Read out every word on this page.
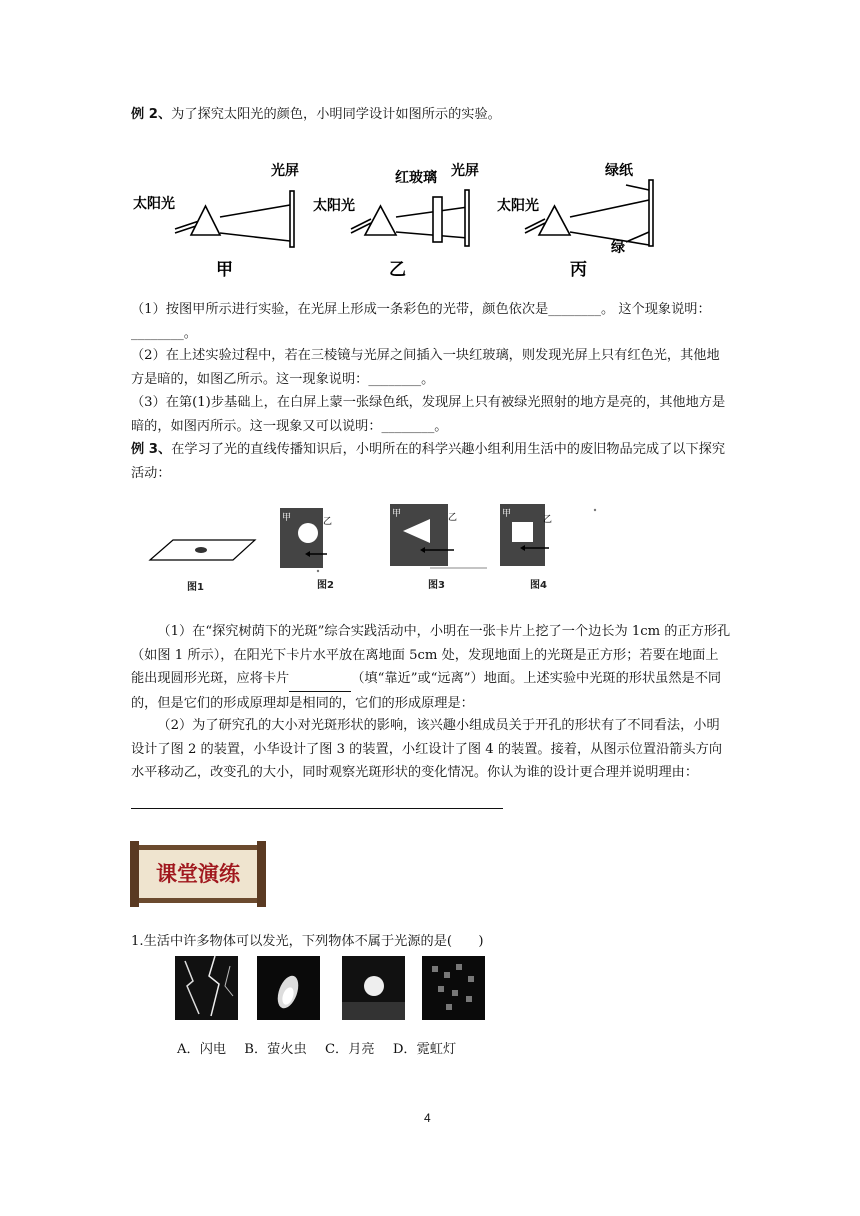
例 2、为了探究太阳光的颜色，小明同学设计如图所示的实验。
太阳光
光屏
太阳光
红玻璃 光屏
太阳光
绿纸
绿
甲	乙	丙
（1）按图甲所示进行实验，在光屏上形成一条彩色的光带，颜色依次是________。 这个现象说明：________。
（2）在上述实验过程中，若在三棱镜与光屏之间插入一块红玻璃，则发现光屏上只有红色光，其他地方是暗的，如图乙所示。这一现象说明：________。
（3）在第(1)步基础上，在白屏上蒙一张绿色纸，发现屏上只有被绿光照射的地方是亮的，其他地方是暗的，如图丙所示。这一现象又可以说明：________。
例 3、在学习了光的直线传播知识后，小明所在的科学兴趣小组利用生活中的废旧物品完成了以下探究活动：
甲	乙
甲	乙	甲
乙
图1	图2	图3	图4
（1）在“探究树荫下的光斑”综合实践活动中，小明在一张卡片上挖了一个边长为 1cm 的正方形孔（如图 1 所示），在阳光下卡片水平放在离地面 5cm 处，发现地面上的光斑是正方形；若要在地面上能出现圆形光斑，应将卡片	（填“靠近”或“远离”）地面。上述实验中光斑的形状虽然是不同的，但是它们的形成原理却是相同的，它们的形成原理是：
（2）为了研究孔的大小对光斑形状的影响，该兴趣小组成员关于开孔的形状有了不同看法，小明设计了图 2 的装置，小华设计了图 3 的装置，小红设计了图 4 的装置。接着，从图示位置沿箭头方向水平移动乙，改变孔的大小，同时观察光斑形状的变化情况。你认为谁的设计更合理并说明理由：
课堂演练
1.生活中许多物体可以发光，下列物体不属于光源的是(　　)
A．闪电 B．萤火虫 C．月亮 D．霓虹灯
4
